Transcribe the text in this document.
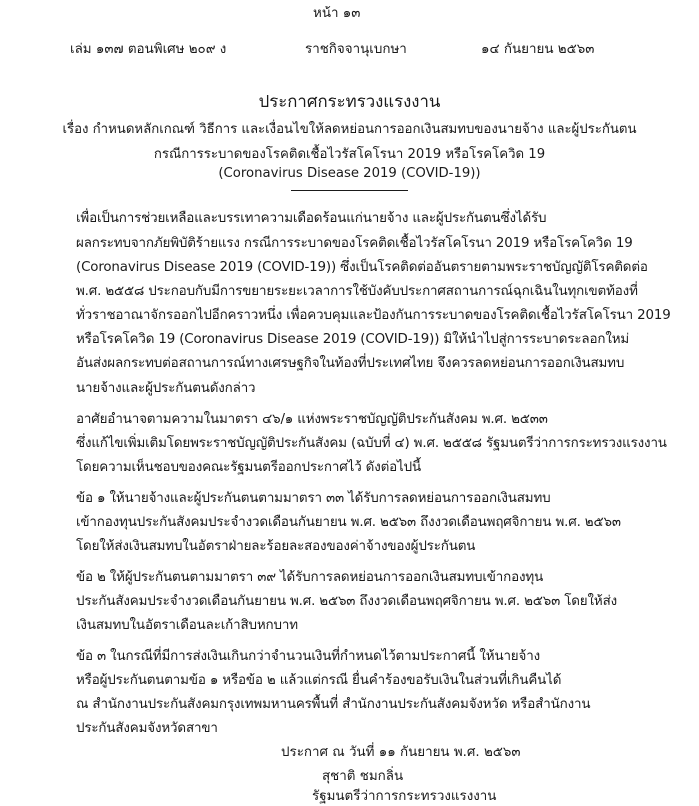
หน้า ๑๓
เล่ม ๑๓๗ ตอนพิเศษ ๒๐๙ ง	ราชกิจจานุเบกษา	๑๔ กันยายน ๒๕๖๓
ประกาศกระทรวงแรงงาน
เรื่อง กำหนดหลักเกณฑ์ วิธีการ และเงื่อนไขให้ลดหย่อนการออกเงินสมทบของนายจ้าง และผู้ประกันตน
กรณีการระบาดของโรคติดเชื้อไวรัสโคโรนา 2019 หรือโรคโควิด 19
(Coronavirus Disease 2019 (COVID-19))
เพื่อเป็นการช่วยเหลือและบรรเทาความเดือดร้อนแก่นายจ้าง และผู้ประกันตนซึ่งได้รับ
ผลกระทบจากภัยพิบัติร้ายแรง กรณีการระบาดของโรคติดเชื้อไวรัสโคโรนา 2019 หรือโรคโควิด 19
(Coronavirus Disease 2019 (COVID-19)) ซึ่งเป็นโรคติดต่ออันตรายตามพระราชบัญญัติโรคติดต่อ
พ.ศ. ๒๕๕๘ ประกอบกับมีการขยายระยะเวลาการใช้บังคับประกาศสถานการณ์ฉุกเฉินในทุกเขตท้องที่
ทั่วราชอาณาจักรออกไปอีกคราวหนึ่ง เพื่อควบคุมและป้องกันการระบาดของโรคติดเชื้อไวรัสโคโรนา 2019
หรือโรคโควิด 19 (Coronavirus Disease 2019 (COVID-19)) มิให้นำไปสู่การระบาดระลอกใหม่
อันส่งผลกระทบต่อสถานการณ์ทางเศรษฐกิจในท้องที่ประเทศไทย จึงควรลดหย่อนการออกเงินสมทบ
นายจ้างและผู้ประกันตนดังกล่าว
อาศัยอำนาจตามความในมาตรา ๔๖/๑ แห่งพระราชบัญญัติประกันสังคม พ.ศ. ๒๕๓๓
ซึ่งแก้ไขเพิ่มเติมโดยพระราชบัญญัติประกันสังคม (ฉบับที่ ๔) พ.ศ. ๒๕๕๘ รัฐมนตรีว่าการกระทรวงแรงงาน
โดยความเห็นชอบของคณะรัฐมนตรีออกประกาศไว้ ดังต่อไปนี้
ข้อ ๑ ให้นายจ้างและผู้ประกันตนตามมาตรา ๓๓ ได้รับการลดหย่อนการออกเงินสมทบ
เข้ากองทุนประกันสังคมประจำงวดเดือนกันยายน พ.ศ. ๒๕๖๓ ถึงงวดเดือนพฤศจิกายน พ.ศ. ๒๕๖๓
โดยให้ส่งเงินสมทบในอัตราฝ่ายละร้อยละสองของค่าจ้างของผู้ประกันตน
ข้อ ๒ ให้ผู้ประกันตนตามมาตรา ๓๙ ได้รับการลดหย่อนการออกเงินสมทบเข้ากองทุน
ประกันสังคมประจำงวดเดือนกันยายน พ.ศ. ๒๕๖๓ ถึงงวดเดือนพฤศจิกายน พ.ศ. ๒๕๖๓ โดยให้ส่ง
เงินสมทบในอัตราเดือนละเก้าสิบหกบาท
ข้อ ๓ ในกรณีที่มีการส่งเงินเกินกว่าจำนวนเงินที่กำหนดไว้ตามประกาศนี้ ให้นายจ้าง
หรือผู้ประกันตนตามข้อ ๑ หรือข้อ ๒ แล้วแต่กรณี ยื่นคำร้องขอรับเงินในส่วนที่เกินคืนได้
ณ สำนักงานประกันสังคมกรุงเทพมหานครพื้นที่ สำนักงานประกันสังคมจังหวัด หรือสำนักงาน
ประกันสังคมจังหวัดสาขา
ประกาศ ณ วันที่ ๑๑ กันยายน พ.ศ. ๒๕๖๓
สุชาติ ชมกลิ่น
รัฐมนตรีว่าการกระทรวงแรงงาน
